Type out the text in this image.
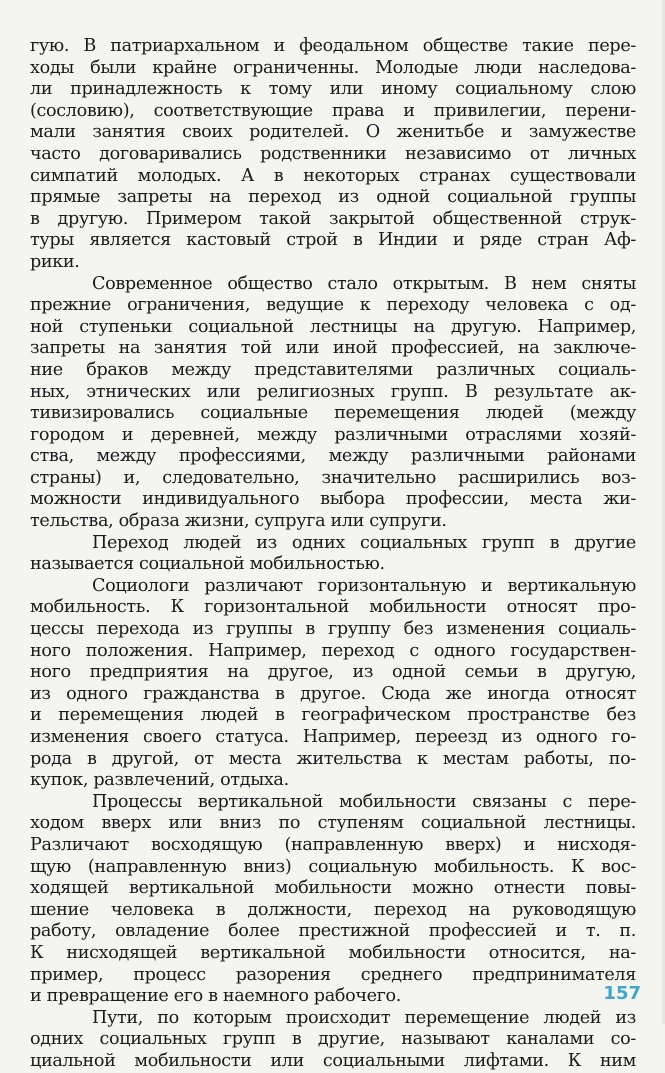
гую. В патриархальном и феодальном обществе такие пере-
ходы были крайне ограниченны. Молодые люди наследова-
ли принадлежность к тому или иному социальному слою
(сословию), соответствующие права и привилегии, перени-
мали занятия своих родителей. О женитьбе и замужестве
часто договаривались родственники независимо от личных
симпатий молодых. А в некоторых странах существовали
прямые запреты на переход из одной социальной группы
в другую. Примером такой закрытой общественной струк-
туры является кастовый строй в Индии и ряде стран Аф-
рики.
Современное общество стало открытым. В нем сняты
прежние ограничения, ведущие к переходу человека с од-
ной ступеньки социальной лестницы на другую. Например,
запреты на занятия той или иной профессией, на заключе-
ние браков между представителями различных социаль-
ных, этнических или религиозных групп. В результате ак-
тивизировались социальные перемещения людей (между
городом и деревней, между различными отраслями хозяй-
ства, между профессиями, между различными районами
страны) и, следовательно, значительно расширились воз-
можности индивидуального выбора профессии, места жи-
тельства, образа жизни, супруга или супруги.
Переход людей из одних социальных групп в другие
называется социальной мобильностью.
Социологи различают горизонтальную и вертикальную
мобильность. К горизонтальной мобильности относят про-
цессы перехода из группы в группу без изменения социаль-
ного положения. Например, переход с одного государствен-
ного предприятия на другое, из одной семьи в другую,
из одного гражданства в другое. Сюда же иногда относят
и перемещения людей в географическом пространстве без
изменения своего статуса. Например, переезд из одного го-
рода в другой, от места жительства к местам работы, по-
купок, развлечений, отдыха.
Процессы вертикальной мобильности связаны с пере-
ходом вверх или вниз по ступеням социальной лестницы.
Различают восходящую (направленную вверх) и нисходя-
щую (направленную вниз) социальную мобильность. К вос-
ходящей вертикальной мобильности можно отнести повы-
шение человека в должности, переход на руководящую
работу, овладение более престижной профессией и т. п.
К нисходящей вертикальной мобильности относится, на-
пример, процесс разорения среднего предпринимателя
и превращение его в наемного рабочего.
Пути, по которым происходит перемещение людей из
одних социальных групп в другие, называют каналами со-
циальной мобильности или социальными лифтами. К ним
157
